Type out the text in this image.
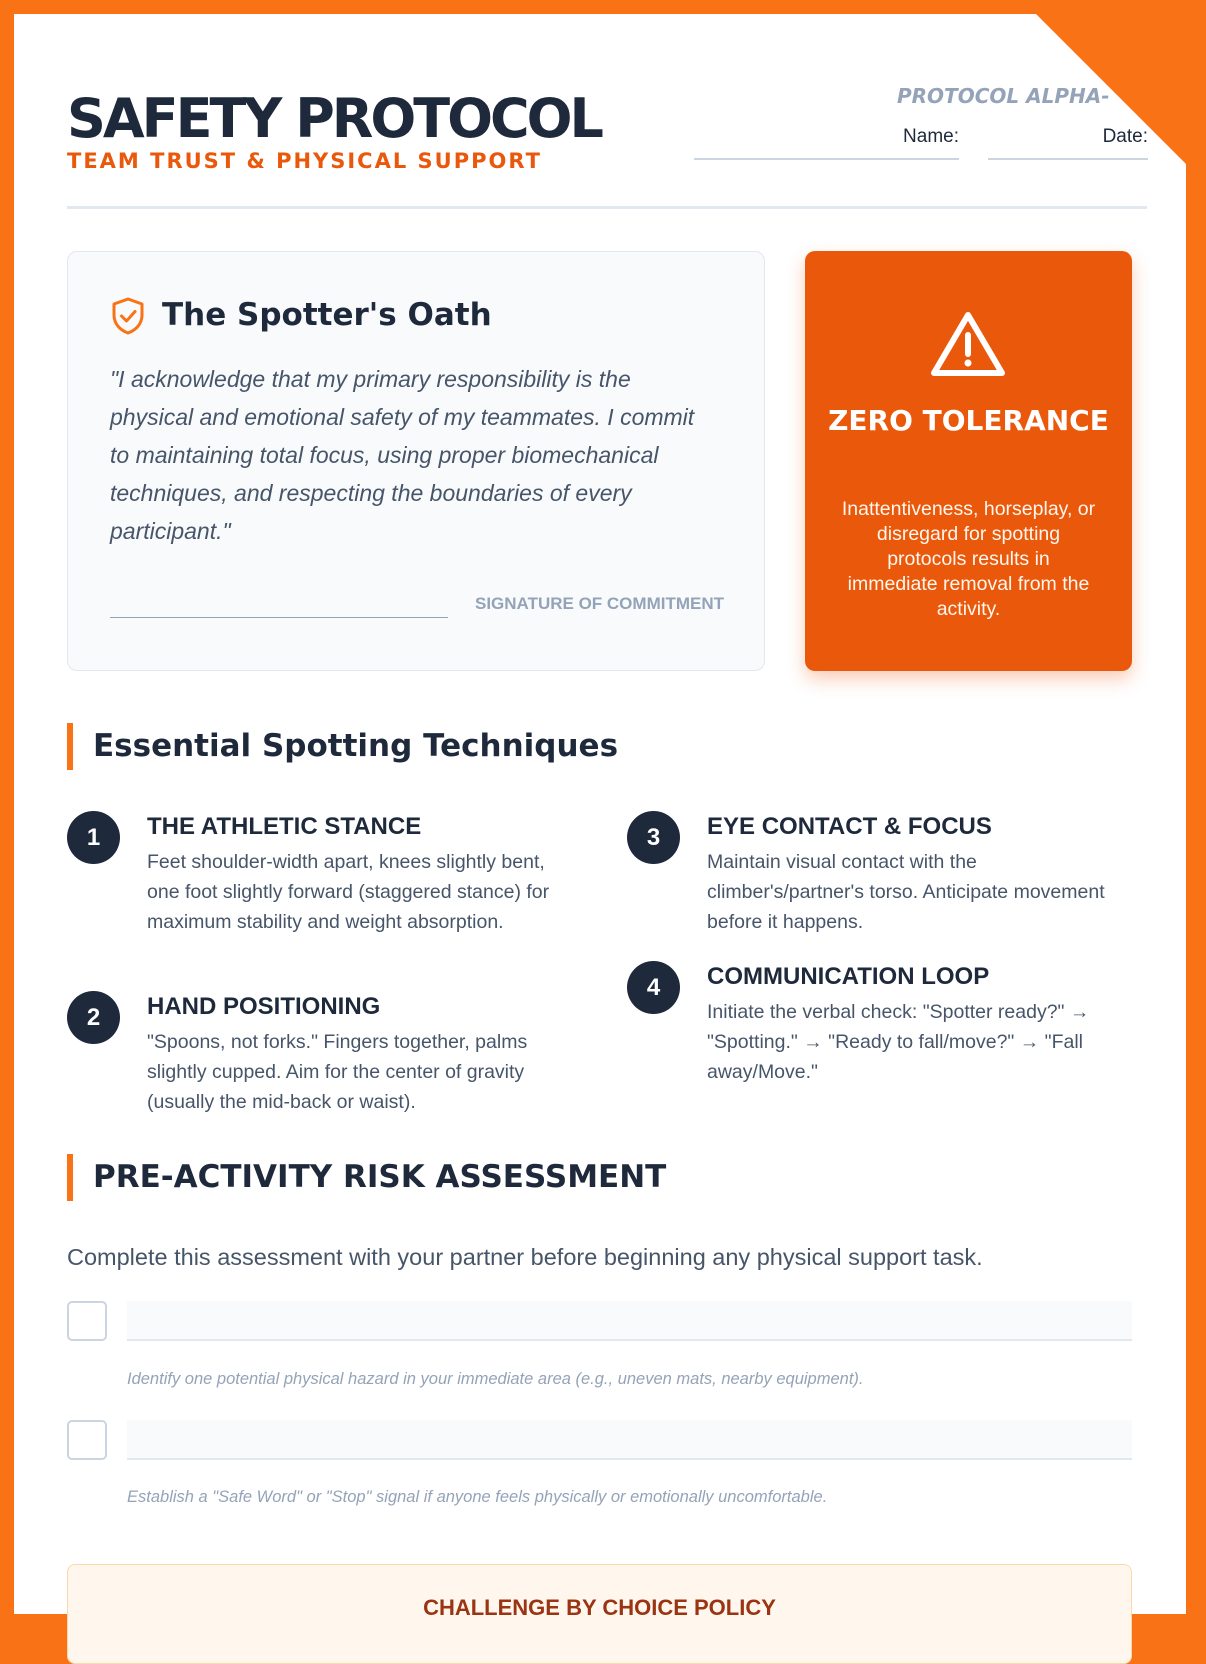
SAFETY PROTOCOL
TEAM TRUST & PHYSICAL SUPPORT
PROTOCOL ALPHA-
Name:	Date:
The Spotter's Oath
"I acknowledge that my primary responsibility is the physical and emotional safety of my teammates. I commit to maintaining total focus, using proper biomechanical techniques, and respecting the boundaries of every participant."
SIGNATURE OF COMMITMENT
ZERO TOLERANCE
Inattentiveness, horseplay, or disregard for spotting protocols results in immediate removal from the activity.
Essential Spotting Techniques
1	THE ATHLETIC STANCE
Feet shoulder-width apart, knees slightly bent, one foot slightly forward (staggered stance) for maximum stability and weight absorption.
2	HAND POSITIONING
"Spoons, not forks." Fingers together, palms slightly cupped. Aim for the center of gravity (usually the mid-back or waist).
3	EYE CONTACT & FOCUS
Maintain visual contact with the climber's/partner's torso. Anticipate movement before it happens.
4	COMMUNICATION LOOP
Initiate the verbal check: "Spotter ready?" → "Spotting." → "Ready to fall/move?" → "Fall away/Move."
PRE-ACTIVITY RISK ASSESSMENT
Complete this assessment with your partner before beginning any physical support task.
Identify one potential physical hazard in your immediate area (e.g., uneven mats, nearby equipment).
Establish a "Safe Word" or "Stop" signal if anyone feels physically or emotionally uncomfortable.
CHALLENGE BY CHOICE POLICY
